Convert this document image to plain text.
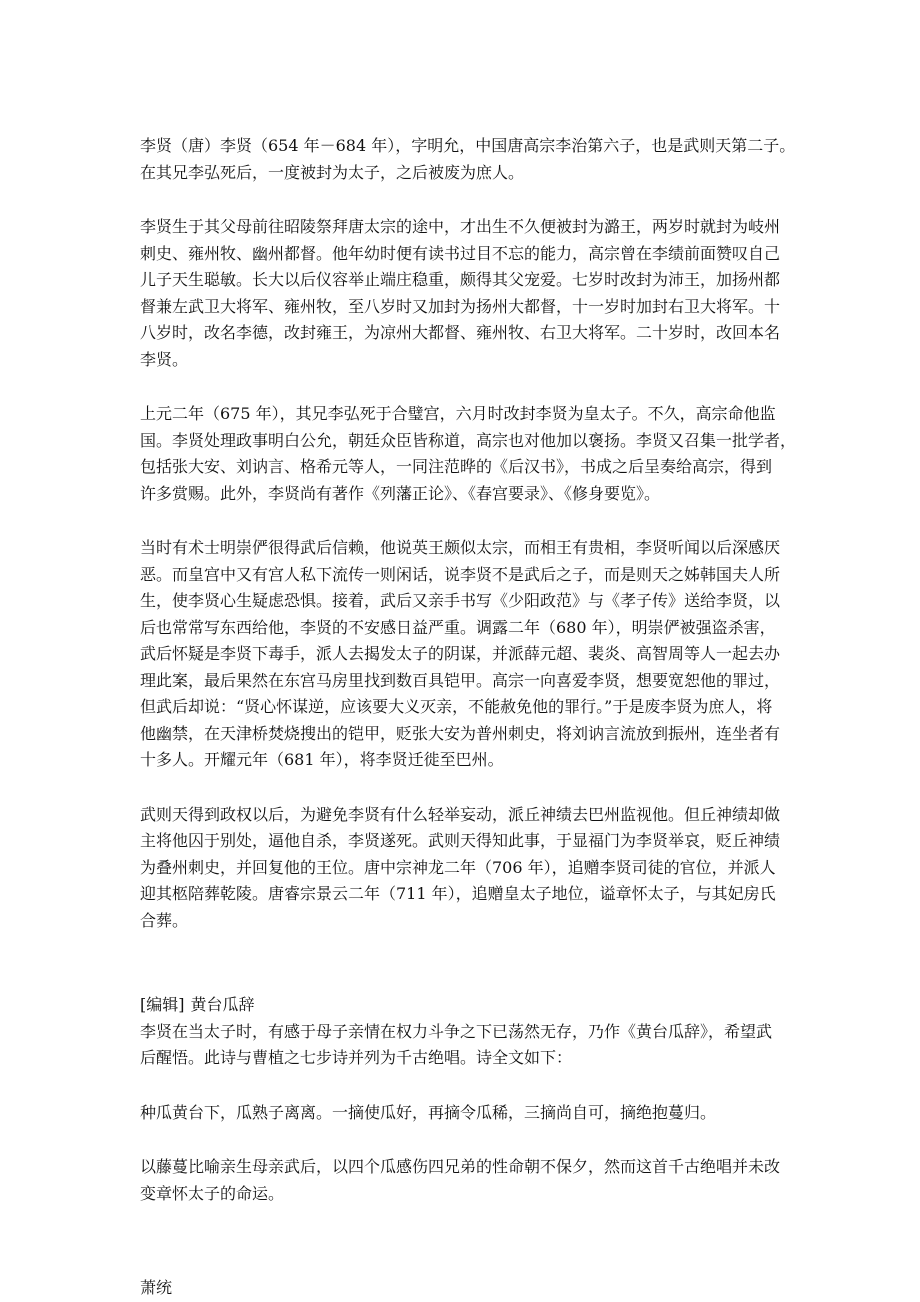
李贤（唐）李贤（654 年－684 年），字明允，中国唐高宗李治第六子，也是武则天第二子。
在其兄李弘死后，一度被封为太子，之后被废为庶人。
李贤生于其父母前往昭陵祭拜唐太宗的途中，才出生不久便被封为潞王，两岁时就封为岐州
刺史、雍州牧、幽州都督。他年幼时便有读书过目不忘的能力，高宗曾在李绩前面赞叹自己
儿子天生聪敏。长大以后仪容举止端庄稳重，颇得其父宠爱。七岁时改封为沛王，加扬州都
督兼左武卫大将军、雍州牧，至八岁时又加封为扬州大都督，十一岁时加封右卫大将军。十
八岁时，改名李德，改封雍王，为凉州大都督、雍州牧、右卫大将军。二十岁时，改回本名
李贤。
上元二年（675 年），其兄李弘死于合璧宫，六月时改封李贤为皇太子。不久，高宗命他监
国。李贤处理政事明白公允，朝廷众臣皆称道，高宗也对他加以褒扬。李贤又召集一批学者，
包括张大安、刘讷言、格希元等人，一同注范晔的《后汉书》，书成之后呈奏给高宗，得到
许多赏赐。此外，李贤尚有著作《列藩正论》、《春宫要录》、《修身要览》。
当时有术士明崇俨很得武后信赖，他说英王颇似太宗，而相王有贵相，李贤听闻以后深感厌
恶。而皇宫中又有宫人私下流传一则闲话，说李贤不是武后之子，而是则天之姊韩国夫人所
生，使李贤心生疑虑恐惧。接着，武后又亲手书写《少阳政范》与《孝子传》送给李贤，以
后也常常写东西给他，李贤的不安感日益严重。调露二年（680 年），明崇俨被强盗杀害，
武后怀疑是李贤下毒手，派人去揭发太子的阴谋，并派薛元超、裴炎、高智周等人一起去办
理此案，最后果然在东宫马房里找到数百具铠甲。高宗一向喜爱李贤，想要宽恕他的罪过，
但武后却说：“贤心怀谋逆，应该要大义灭亲，不能赦免他的罪行。”于是废李贤为庶人，将
他幽禁，在天津桥焚烧搜出的铠甲，贬张大安为普州刺史，将刘讷言流放到振州，连坐者有
十多人。开耀元年（681 年），将李贤迁徙至巴州。
武则天得到政权以后，为避免李贤有什么轻举妄动，派丘神绩去巴州监视他。但丘神绩却做
主将他囚于别处，逼他自杀，李贤遂死。武则天得知此事，于显福门为李贤举哀，贬丘神绩
为叠州刺史，并回复他的王位。唐中宗神龙二年（706 年），追赠李贤司徒的官位，并派人
迎其柩陪葬乾陵。唐睿宗景云二年（711 年），追赠皇太子地位，谥章怀太子，与其妃房氏
合葬。
[编辑] 黄台瓜辞
李贤在当太子时，有感于母子亲情在权力斗争之下已荡然无存，乃作《黄台瓜辞》，希望武
后醒悟。此诗与曹植之七步诗并列为千古绝唱。诗全文如下：
种瓜黄台下，瓜熟子离离。一摘使瓜好，再摘令瓜稀，三摘尚自可，摘绝抱蔓归。
以藤蔓比喻亲生母亲武后，以四个瓜感伤四兄弟的性命朝不保夕，然而这首千古绝唱并未改
变章怀太子的命运。
萧统
